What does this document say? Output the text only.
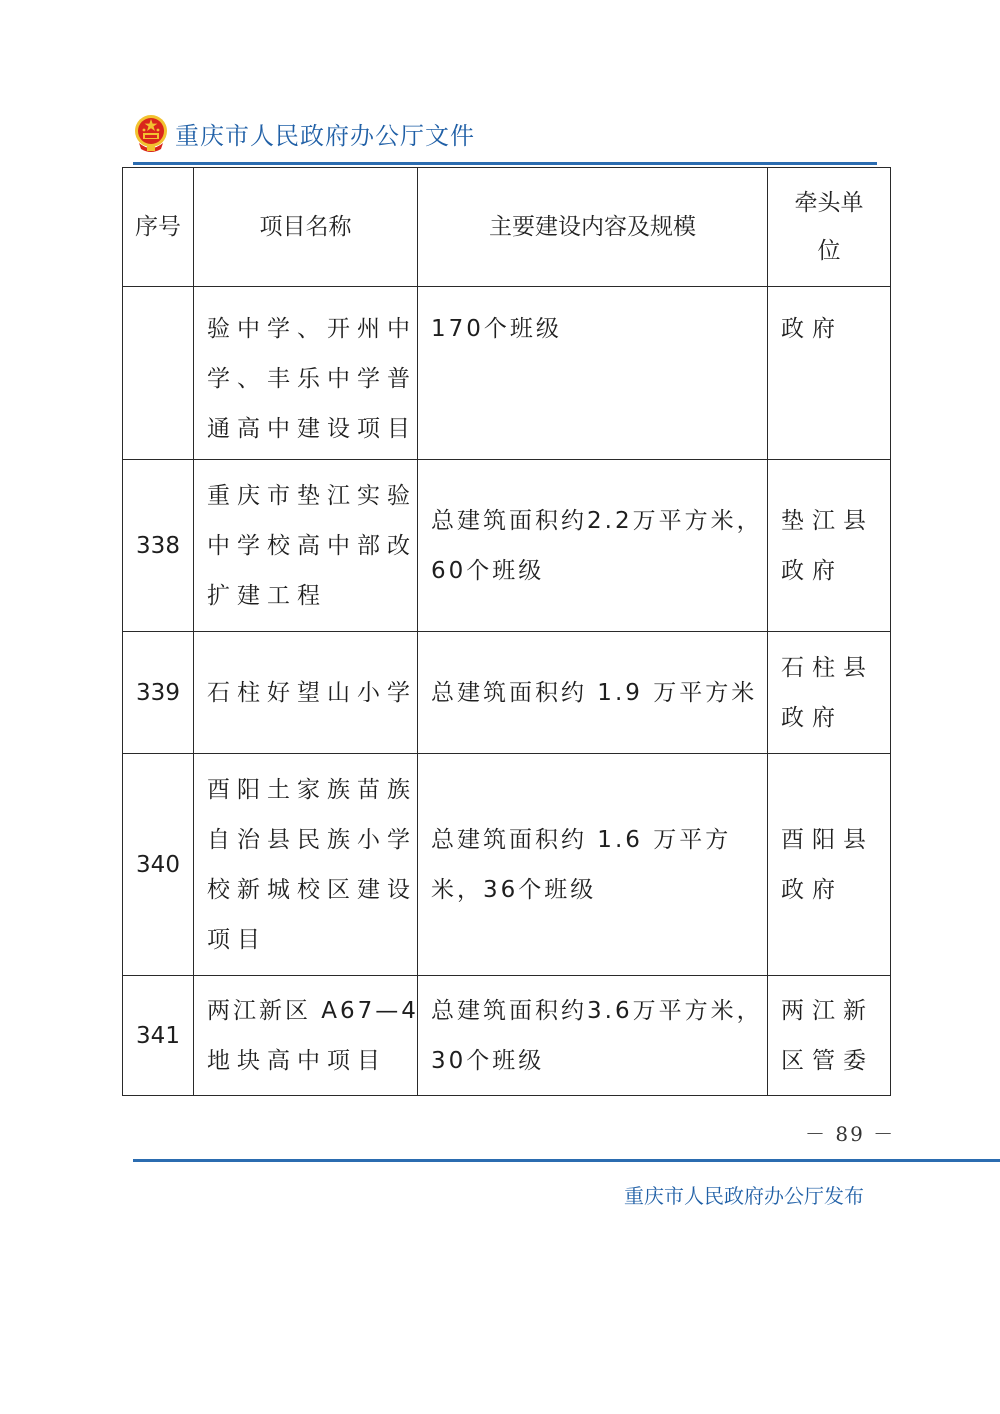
重庆市人民政府办公厅文件
序号	项目名称	主要建设内容及规模	牵头单
位

	验中学、开州中
学、丰乐中学普
通高中建设项目	170个班级	政府

338	重庆市垫江实验
中学校高中部改
扩建工程	总建筑面积约2.2万平方米，
60个班级	垫江县
政府

339	石柱好望山小学	总建筑面积约 1.9 万平方米	石柱县
政府

340	酉阳土家族苗族
自治县民族小学
校新城校区建设
项目	总建筑面积约 1.6 万平方
米，36个班级	酉阳县
政府

341	两江新区 A67—4
地块高中项目	总建筑面积约3.6万平方米，
30个班级	两江新
区管委
－ 89 －
重庆市人民政府办公厅发布
